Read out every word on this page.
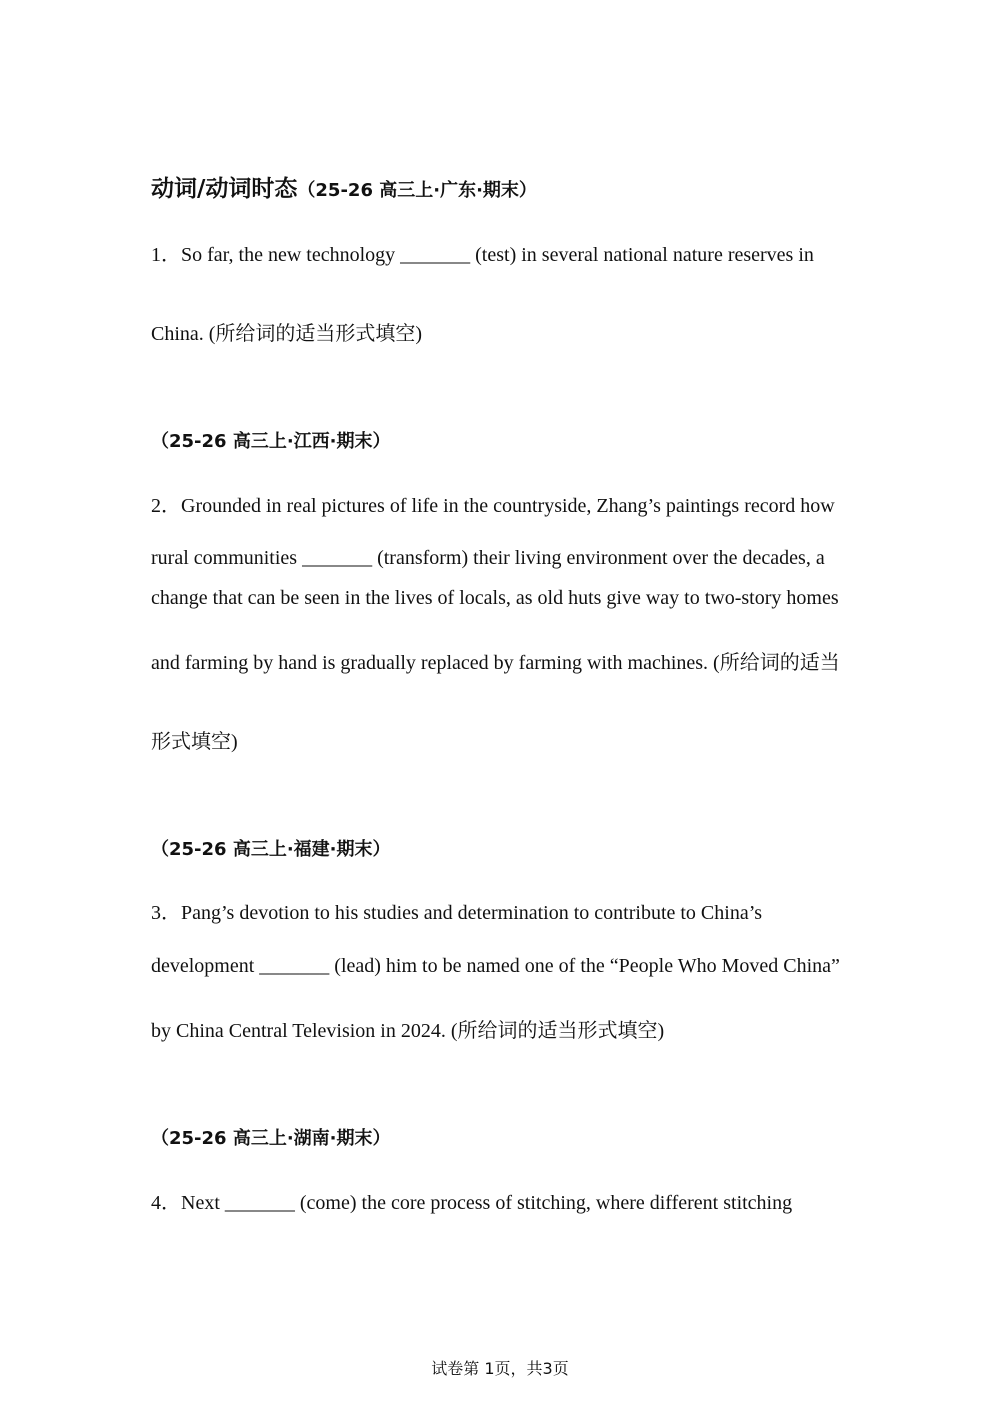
动词/动词时态（25-26 高三上·广东·期末）
1．So far, the new technology _______ (test) in several national nature reserves in
China. (所给词的适当形式填空)
（25-26 高三上·江西·期末）
2．Grounded in real pictures of life in the countryside, Zhang’s paintings record how
rural communities _______ (transform) their living environment over the decades, a
change that can be seen in the lives of locals, as old huts give way to two-story homes
and farming by hand is gradually replaced by farming with machines. (所给词的适当
形式填空)
（25-26 高三上·福建·期末）
3．Pang’s devotion to his studies and determination to contribute to China’s
development _______ (lead) him to be named one of the “People Who Moved China”
by China Central Television in 2024. (所给词的适当形式填空)
（25-26 高三上·湖南·期末）
4．Next _______ (come) the core process of stitching, where different stitching
试卷第 1页，共3页
